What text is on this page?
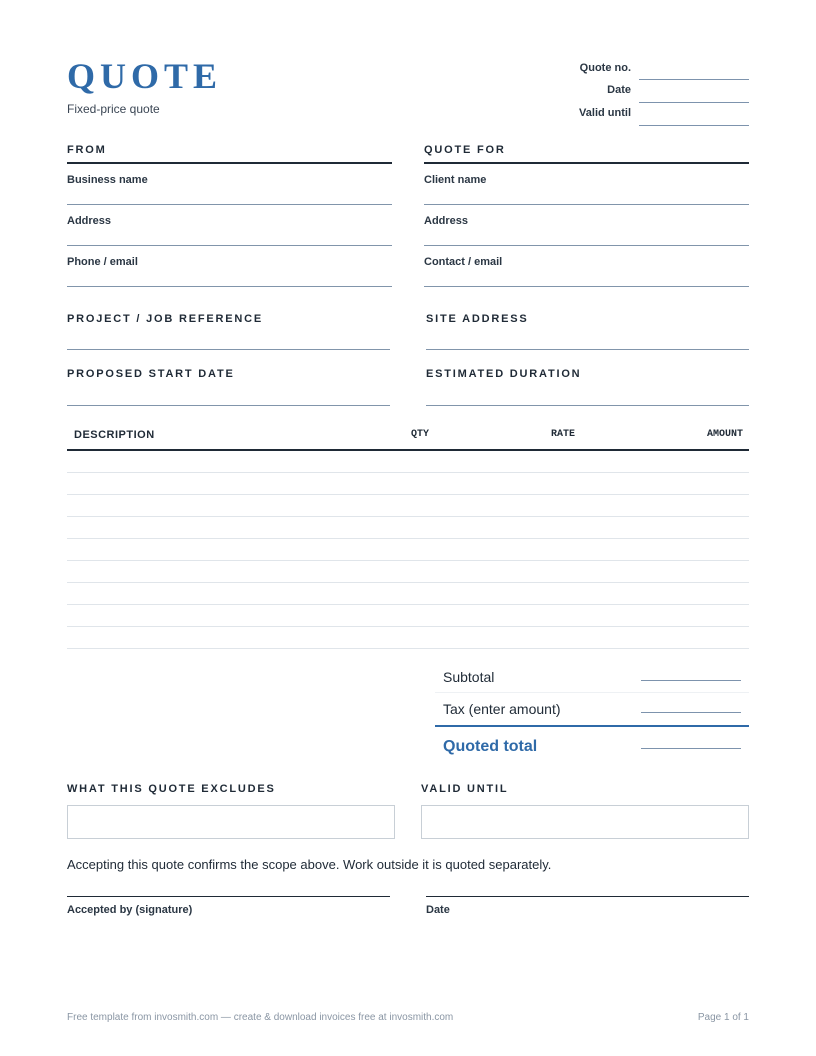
QUOTE
Fixed-price quote
Quote no.
Date
Valid until
FROM
Business name
Address
Phone / email
QUOTE FOR
Client name
Address
Contact / email
PROJECT / JOB REFERENCE	SITE ADDRESS
PROPOSED START DATE	ESTIMATED DURATION
DESCRIPTION	QTY	RATE	AMOUNT
Subtotal
Tax (enter amount)
Quoted total
WHAT THIS QUOTE EXCLUDES	VALID UNTIL
Accepting this quote confirms the scope above. Work outside it is quoted separately.
Accepted by (signature)	Date
Free template from invosmith.com — create & download invoices free at invosmith.com	Page 1 of 1
